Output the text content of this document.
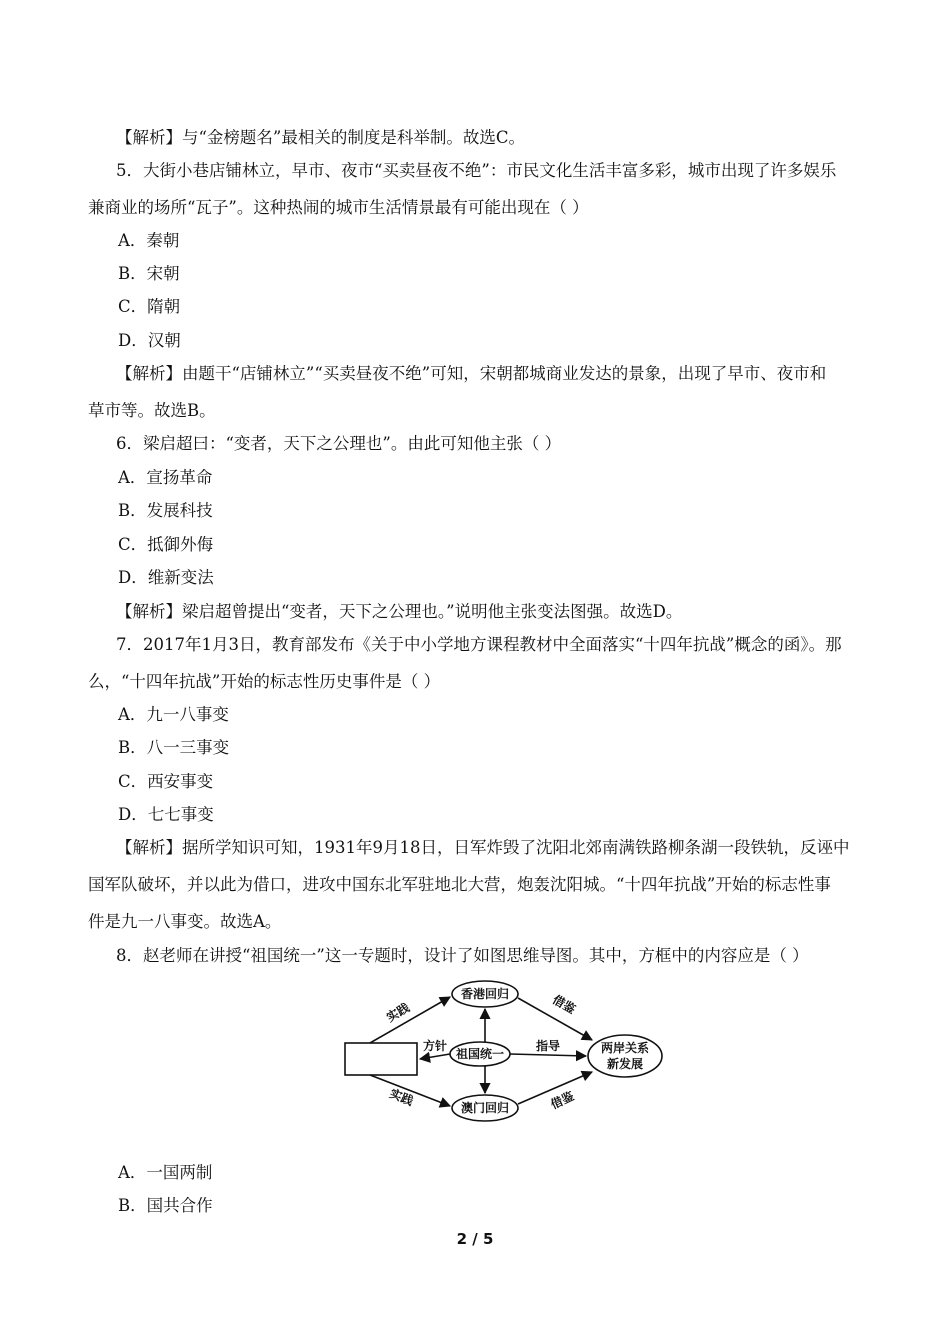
【解析】与“金榜题名”最相关的制度是科举制。故选C。
5．大街小巷店铺林立，早市、夜市“买卖昼夜不绝”：市民文化生活丰富多彩，城市出现了许多娱乐
兼商业的场所“瓦子”。这种热闹的城市生活情景最有可能出现在（ ）
A．秦朝
B．宋朝
C．隋朝
D．汉朝
【解析】由题干“店铺林立”“买卖昼夜不绝”可知，宋朝都城商业发达的景象，出现了早市、夜市和
草市等。故选B。
6．梁启超曰：“变者，天下之公理也”。由此可知他主张（ ）
A．宣扬革命
B．发展科技
C．抵御外侮
D．维新变法
【解析】梁启超曾提出“变者，天下之公理也。”说明他主张变法图强。故选D。
7．2017年1月3日，教育部发布《关于中小学地方课程教材中全面落实“十四年抗战”概念的函》。那
么，“十四年抗战”开始的标志性历史事件是（ ）
A．九一八事变
B．八一三事变
C．西安事变
D．七七事变
【解析】据所学知识可知，1931年9月18日，日军炸毁了沈阳北郊南满铁路柳条湖一段铁轨，反诬中
国军队破坏，并以此为借口，进攻中国东北军驻地北大营，炮轰沈阳城。“十四年抗战”开始的标志性事
件是九一八事变。故选A。
8．赵老师在讲授“祖国统一”这一专题时，设计了如图思维导图。其中，方框中的内容应是（ ）
A．一国两制
B．国共合作
香港回归
澳门回归
祖国统一	两岸关系
新发展
实践
实践
借鉴
借鉴
方针	指导
2 / 5
